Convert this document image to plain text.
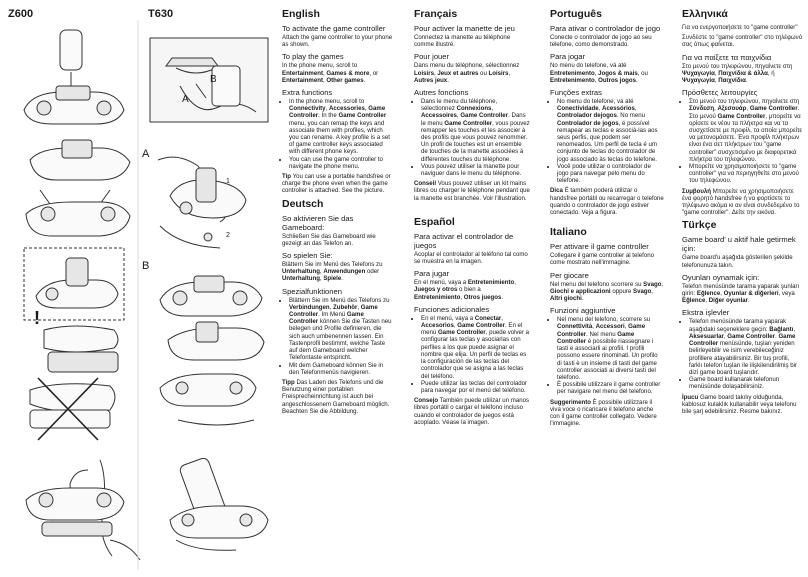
Z600	T630
A
B
A
B
1
2
!
English
To activate the game controller

Attach the game controller to your phone as shown.

To play the games

In the phone menu, scroll to Entertainment, Games & more, or Entertainment, Other games.

Extra functions
• In the phone menu, scroll to Connectivity, Accessories, Game Controller. In the Game Controller menu, you can remap the keys and associate them with profiles, which you can rename. A key profile is a set of game controller keys associated with different phone keys.
• You can use the game controller to navigate the phone menu.

Tip You can use a portable handsfree or charge the phone even when the game controller is attached. See the picture.

Deutsch
So aktivieren Sie das Gameboard:

Schließen Sie das Gameboard wie gezeigt an das Telefon an.

So spielen Sie:

Blättern Sie im Menü des Telefons zu Unterhaltung, Anwendungen oder Unterhaltung, Spiele.

Spezialfunktionen
• Blättern Sie im Menü des Telefons zu Verbindungen, Zubehör, Game Controller. Im Menü Game Controller können Sie die Tasten neu belegen und Profile definieren, die sich auch umbenennen lassen. Ein Tastenprofil bestimmt, welche Taste auf dem Gameboard welcher Telefontaste entspricht.
• Mit dem Gameboard können Sie in den Telefonmenüs navigieren.

Tipp Das Laden des Telefons und die Benutzung einer portablen Freisprecheinrichtung ist auch bei angeschlossenem Gameboard möglich. Beachten Sie die Abbildung.

Français
Pour activer la manette de jeu

Connectez la manette au téléphone comme illustré.

Pour jouer

Dans menu du téléphone, sélectionnez Loisirs, Jeux et autres ou Loisirs, Autres jeux.

Autres fonctions
• Dans le menu du téléphone, sélectionnez Connexions, Accessoires, Game Controller. Dans le menu Game Controller, vous pouvez remapper les touches et les associer à des profils que vous pouvez renommer. Un profil de touches est un ensemble de touches de la manette associées à différentes touches du téléphone.
• Vous pouvez utiliser la manette pour naviguer dans le menu du téléphone.

Conseil Vous pouvez utiliser un kit mains libres ou charger le téléphone pendant que la manette est branchée. Voir l'illustration.

Español
Para activar el controlador de juegos

Acoplar el controlador al teléfono tal como se muestra en la imagen.

Para jugar

En el menú, vaya a Entretenimiento, Juegos y otros o bien a Entretenimiento, Otros juegos.

Funciones adicionales
• En el menú, vaya a Conectar, Accesorios, Game Controller. En el menú Game Controller, puede volver a configurar las teclas y asociarlas con perfiles a los que puede asignar el nombre que elija. Un perfil de teclas es la configuración de las teclas del controlador que se asigna a las teclas del teléfono.
• Puede utilizar las teclas del controlador para navegar por el menú del teléfono.

Consejo También puede utilizar un manos libres portátil o cargar el teléfono incluso cuando el controlador de juegos está acoplado. Véase la imagen.

Português
Para ativar o controlador de jogo

Conecte o controlador de jogo ao seu telefone, como demonstrado.

Para jogar

No menu do telefone, vá até Entretenimento, Jogos & mais, ou Entretenimento, Outros jogos.

Funções extras
• No menu do telefone, vá até Conectividade, Acessórios, Controlador dejogos. No menu Controlador de jogos, é possível remapear as teclas e associá-las aos seus perfis, que podem ser renomeados. Um perfil de tecla é um conjunto de teclas do controlador de jogo associado às teclas do telefone.
• Você pode utilizar o controlador de jogo para navegar pelo menu do telefone.

Dica É também poderá utilizar o handsfree portátil ou recarregar o telefone quando o controlador de jogo estiver conectado. Veja a figura.

Italiano
Per attivare il game controller

Collegare il game controller al telefono come mostrato nell'immagine.

Per giocare

Nel menu del telefono scorrere su Svago, Giochi e applicazioni oppure Svago, Altri giochi.

Funzioni aggiuntive
• Nel menu del telefono, scorrere su Connettività, Accessori, Game Controller. Nel menu Game Controller è possibile riassegnare i tasti e associarli ai profili. I profili possono essere rinominati. Un profilo di tasti è un insieme di tasti del game controller associati ai diversi tasti del telefono.
• È possibile utilizzare il game controller per navigare nel menu del telefono.

Suggerimento È possibile utilizzare il viva voce o ricaricare il telefono anche con il game controller collegato. Vedere l'immagine.

Ελληνικά

Για να ενεργοποιήσετε το "game controller"

Συνδέστε το "game controller" στο τηλέφωνό σας όπως φαίνεται.

Για να παίξετε τα παιχνίδια

Στο μενού του τηλεφώνου, πηγαίνετε στη Ψυχαγωγία, Παιχνίδια & άλλα, ή Ψυχαγωγία, Παιχνίδια.

Πρόσθετες λειτουργίες
• Στο μενού του τηλεφώνου, πηγαίνετε στη Σύνδεση, Αξεσουάρ, Game Controller. Στο μενού Game Controller, μπορείτε να ορίσετε εκ νέου τα πλήκτρα και να τα συσχετίσετε με προφίλ, τα οποία μπορείτε να μετονομάσετε. Ένα προφίλ πλήκτρων είναι ένα σετ πλήκτρων του "game controller" συσχετισμένο με διαφορετικά πλήκτρα του τηλεφώνου.
• Μπορείτε να χρησιμοποιήσετε το "game controller" για να περιηγηθείτε στο μενού του τηλεφώνου.

Συμβουλή Μπορείτε να χρησιμοποιήσετε ένα φορητό handsfree ή να φορτίσετε το τηλέφωνο ακόμα κι αν είναι συνδεδεμένο το "game controller". Δείτε την εικόνα.

Türkçe
Game board' u aktif hale getirmek için:

Game board'u aşağıda gösterilen şekilde telefonunuza takın.

Oyunları oynamak için:

Telefon menüsünde tarama yaparak şunları girin: Eğlence, Oyunlar & diğerleri, veya Eğlence, Diğer oyunlar.

Ekstra işlevler
• Telefon menüsünde tarama yaparak aşağıdaki seçeneklere geçin: Bağlantı, Aksesuarlar, Game Controller. Game Controller menüsünde, tuşları yeniden belirleyebilir ve isim verebileceğiniz profillere atayabilirsiniz. Bir tuş profili, farklı telefon tuşları ile ilişkilendirilmiş bir dizi game board tuşlarıdır.
• Game board kullanarak telefonun menüsünde dolaşabilirsiniz.

İpucu Game board takılıy olduğunda, kablosuz kulaklık kullanabilir veya telefonu bile şarj edebilirsiniz. Resme bakınız.
